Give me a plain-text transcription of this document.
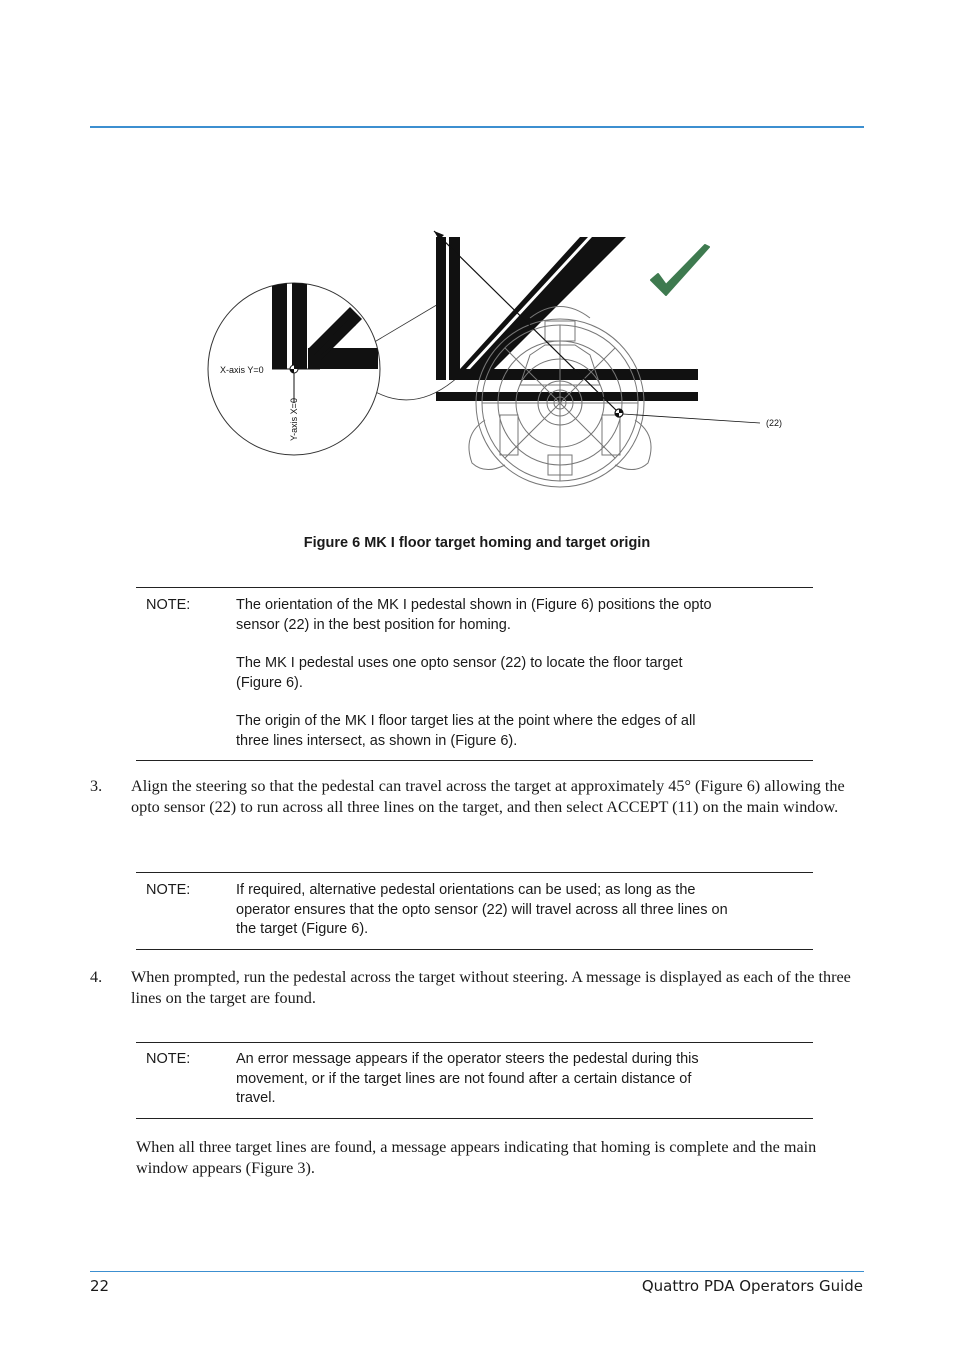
(22)
X-axis Y=0
Y-axis X=0
Figure 6 MK I floor target homing and target origin
NOTE:	The orientation of the MK I pedestal shown in (Figure 6) positions the opto sensor (22) in the best position for homing.

The MK I pedestal uses one opto sensor (22) to locate the floor target (Figure 6).

The origin of the MK I floor target lies at the point where the edges of all three lines intersect, as shown in (Figure 6).

3. Align the steering so that the pedestal can travel across the target at approximately 45° (Figure 6) allowing the opto sensor (22) to run across all three lines on the target, and then select ACCEPT (11) on the main window.
NOTE:	If required, alternative pedestal orientations can be used; as long as the operator ensures that the opto sensor (22) will travel across all three lines on the target (Figure 6).

4. When prompted, run the pedestal across the target without steering. A message is displayed as each of the three lines on the target are found.
NOTE:	An error message appears if the operator steers the pedestal during this movement, or if the target lines are not found after a certain distance of travel.

When all three target lines are found, a message appears indicating that homing is complete and the main window appears (Figure 3).
22	Quattro PDA Operators Guide
